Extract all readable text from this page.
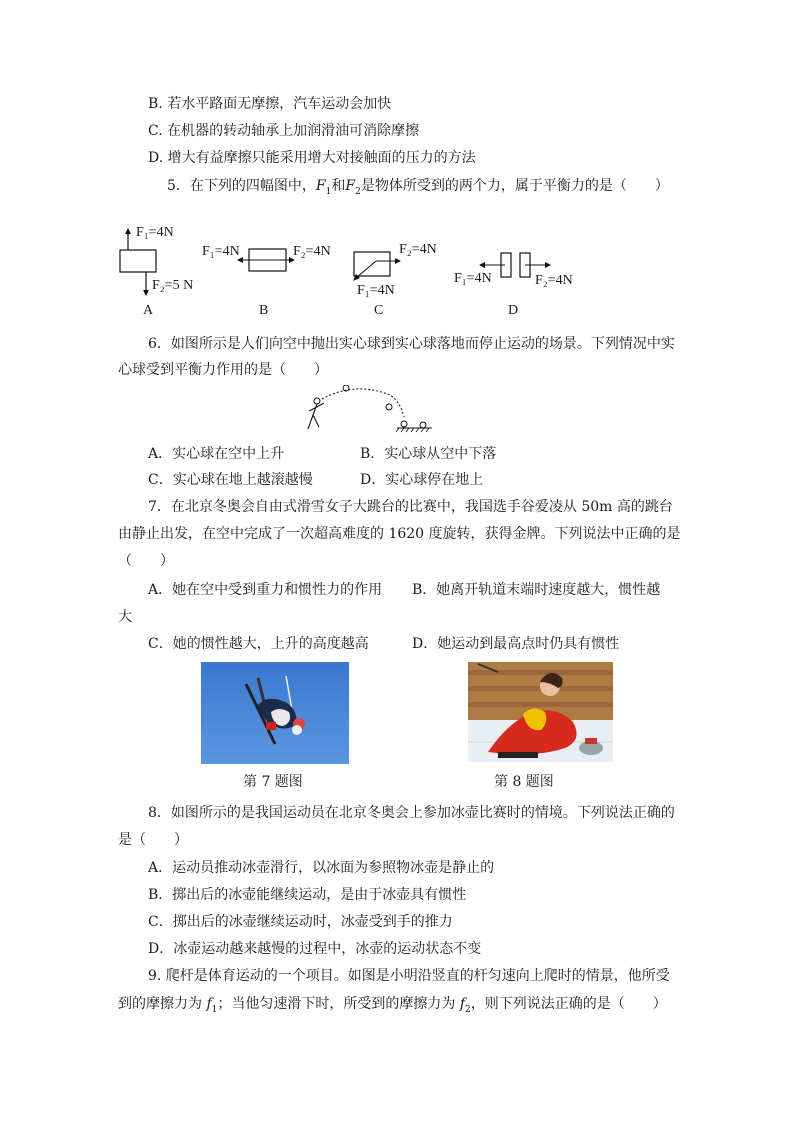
B. 若水平路面无摩擦，汽车运动会加快
C. 在机器的转动轴承上加润滑油可消除摩擦
D. 增大有益摩擦只能采用增大对接触面的压力的方法
5．在下列的四幅图中，$F_1$和$F_2$是物体所受到的两个力，属于平衡力的是（　　）
F₁=4N
F₂=5 N
A
F₁=4N	F₂=4N
B
F₂=4N
F₁=4N
C
F₁=4N	F₂=4N
D
6．如图所示是人们向空中抛出实心球到实心球落地而停止运动的场景。下列情况中实
心球受到平衡力作用的是（　　）
A．实心球在空中上升	B．实心球从空中下落
C．实心球在地上越滚越慢	D．实心球停在地上
7．在北京冬奥会自由式滑雪女子大跳台的比赛中，我国选手谷爱凌从 50m 高的跳台
由静止出发，在空中完成了一次超高难度的 1620 度旋转，获得金牌。下列说法中正确的是
（　　）
A．她在空中受到重力和惯性力的作用 B．她离开轨道末端时速度越大，惯性越
大
C．她的惯性越大，上升的高度越高	D．她运动到最高点时仍具有惯性
第 7 题图	第 8 题图
8．如图所示的是我国运动员在北京冬奥会上参加冰壶比赛时的情境。下列说法正确的
是（　　）
A．运动员推动冰壶滑行，以冰面为参照物冰壶是静止的
B．掷出后的冰壶能继续运动，是由于冰壶具有惯性
C．掷出后的冰壶继续运动时，冰壶受到手的推力
D．冰壶运动越来越慢的过程中，冰壶的运动状态不变
9. 爬杆是体育运动的一个项目。如图是小明沿竖直的杆匀速向上爬时的情景，他所受
到的摩擦力为 $f_1$；当他匀速滑下时，所受到的摩擦力为 $f_2$，则下列说法正确的是（　　）
